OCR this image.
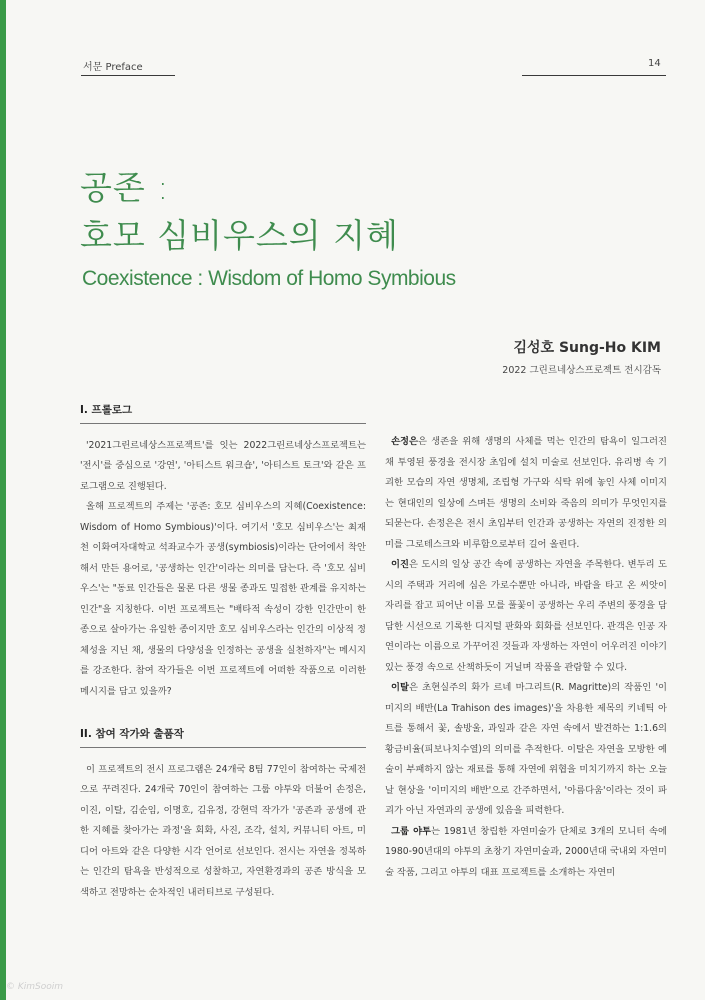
서문 Preface	14
공존 :
호모 심비우스의 지혜
Coexistence : Wisdom of Homo Symbious
김성호 Sung-Ho KIM
2022 그린르네상스프로젝트 전시감독

I. 프롤로그

'2021그린르네상스프로젝트'를 잇는 2022그린르네상스프로젝트는 '전시'를 중심으로 '강연', '아티스트 워크숍', '아티스트 토크'와 같은 프로그램으로 진행된다.

올해 프로젝트의 주제는 '공존: 호모 심비우스의 지혜(Coexistence: Wisdom of Homo Symbious)'이다. 여기서 '호모 심비우스'는 최재천 이화여자대학교 석좌교수가 공생(symbiosis)이라는 단어에서 착안해서 만든 용어로, '공생하는 인간'이라는 의미를 담는다. 즉 '호모 심비우스'는 "동료 인간들은 물론 다른 생물 종과도 밀접한 관계를 유지하는 인간"을 지칭한다. 이번 프로젝트는 "배타적 속성이 강한 인간만이 한 종으로 살아가는 유일한 종이지만 호모 심비우스라는 인간의 이상적 정체성을 지닌 채, 생물의 다양성을 인정하는 공생을 실천하자"는 메시지를 강조한다. 참여 작가들은 이번 프로젝트에 어떠한 작품으로 이러한 메시지를 담고 있을까?

II. 참여 작가와 출품작

이 프로젝트의 전시 프로그램은 24개국 8팀 77인이 참여하는 국제전으로 꾸려진다. 24개국 70인이 참여하는 그룹 야투와 더불어 손정은, 이진, 이탈, 김순임, 이명호, 김유정, 강현덕 작가가 '공존과 공생에 관한 지혜를 찾아가는 과정'을 회화, 사진, 조각, 설치, 커뮤니티 아트, 미디어 아트와 같은 다양한 시각 언어로 선보인다. 전시는 자연을 정복하는 인간의 탐욕을 반성적으로 성찰하고, 자연환경과의 공존 방식을 모색하고 전망하는 순차적인 내러티브로 구성된다.

손정은은 생존을 위해 생명의 사체를 먹는 인간의 탐욕이 일그러진 채 투영된 풍경을 전시장 초입에 설치 미술로 선보인다. 유리병 속 기괴한 모습의 자연 생명체, 조립형 가구와 식탁 위에 놓인 사체 이미지는 현대인의 일상에 스며든 생명의 소비와 죽음의 의미가 무엇인지를 되묻는다. 손정은은 전시 초입부터 인간과 공생하는 자연의 진정한 의미를 그로테스크와 비루함으로부터 길어 올린다.

이진은 도시의 일상 공간 속에 공생하는 자연을 주목한다. 변두리 도시의 주택과 거리에 심은 가로수뿐만 아니라, 바람을 타고 온 씨앗이 자리를 잡고 피어난 이름 모를 풀꽃이 공생하는 우리 주변의 풍경을 담담한 시선으로 기록한 디지털 판화와 회화를 선보인다. 관객은 인공 자연이라는 이름으로 가꾸어진 것들과 자생하는 자연이 어우러진 이야기 있는 풍경 속으로 산책하듯이 거닐며 작품을 관람할 수 있다.

이탈은 초현실주의 화가 르네 마그리트(R. Magritte)의 작품인 '이미지의 배반(La Trahison des images)'을 차용한 제목의 키네틱 아트를 통해서 꽃, 솔방울, 과일과 같은 자연 속에서 발견하는 1:1.6의 황금비율(피보나치수열)의 의미를 추적한다. 이탈은 자연을 모방한 예술이 부패하지 않는 재료를 통해 자연에 위협을 미치기까지 하는 오늘날 현상을 '이미지의 배반'으로 간주하면서, '아름다움'이라는 것이 파괴가 아닌 자연과의 공생에 있음을 피력한다.

그룹 야투는 1981년 창립한 자연미술가 단체로 3개의 모니터 속에 1980-90년대의 야투의 초창기 자연미술과, 2000년대 국내외 자연미술 작품, 그리고 야투의 대표 프로젝트를 소개하는 자연미

© KimSooim
